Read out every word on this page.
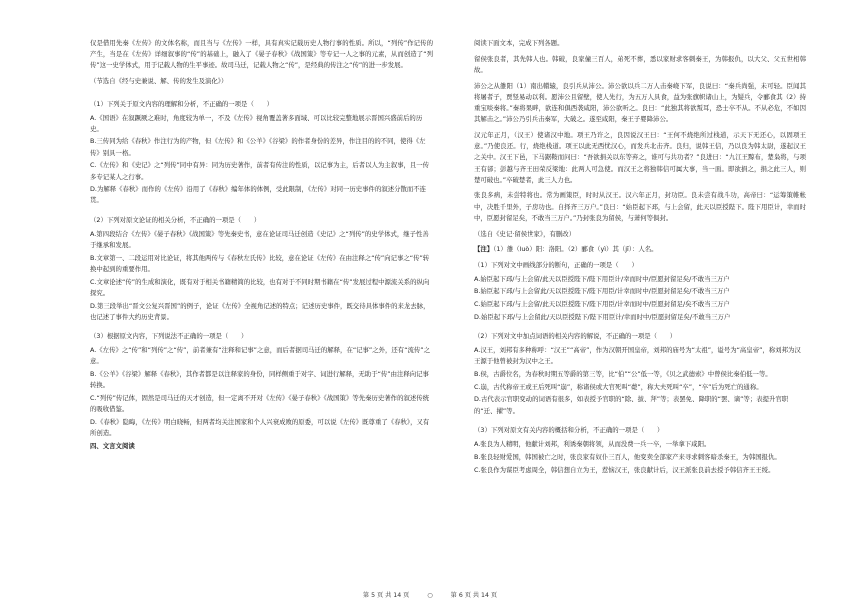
仅是借用先秦《左传》的文体名称，而且当与《左传》一样，具有真实记载历史人物行事的性质。所以，“列传”作记传的产生，当是在《左传》详细叙事的“传”的基础上，融入了《晏子春秋》《战国策》等专记一人之事的元素，从而创造了“列传”这一史学体式，用于记载人物的生平事迹。故司马迁，记载人物之“传”，是经典的传注之“传”的进一步发展。

（节选自《经与史兼说、解、传的发生及演化》）

（1）下列关于原文内容的理解和分析，不正确的一项是（　　）

A.《国语》在叙蹶厥之难时，角度较为单一，不及《左传》视角覆盖著多面域、可以比较完整地展示晋国兴盛前后的历史。

B.三传同为给《春秋》作注行为的产物，但《左传》和《公羊》《谷梁》的作者身份的差异，作注目的的不同，使得《左传》别具一格。

C.《左传》和《史记》之“列传”同中有异：同为历史著作，前者有传注的性质，以记事为主，后者以人为主叙事，且一传多专记某人之行事。

D.为解释《春秋》而作的《左传》沿用了《春秋》编年体的体例，受此限制，《左传》对同一历史事件的叙述分散而不连贯。

（2）下列对原文论证的相关分析，不正确的一项是（　　）

A.第四段结合《左传》《晏子春秋》《战国策》等先秦史书，意在论证司马迁创造《史记》之“列传”的史学体式，继子性善于继承和发展。

B.文章第一、二段运用对比论证，将其他两传与《春秋左氏传》比较，意在论证《左传》在由注释之“传”向记事之“传”转换中起到的重要作用。

C.文章论述“传”的生成和演化，既有对于相关书籍精简的比较，也有对于不同时期书籍在“传”发展过程中源流关系的纵向探究。

D.第三段举出“晋文公复兴晋国”的例子，论证《左传》全视角记述的特点；记述历史事件，既交待具体事件的来龙去脉，也记述了事件大约历史背景。

（3）根据原文内容，下列说法不正确的一项是（　　）

A.《左传》之“传”和“列传”之“传”，前者兼有“注释和记事”之意，而后者据司马迁的解释，在“记事”之外，还有“流传”之意。

B.《公羊》《谷梁》解释《春秋》，其作者都是以注释家的身份，同样侧重于对字、词进行解释，无助于“传”由注释向记事转换。

C.“列传”传记体，固然是司马迁的天才创造，但一定离不开对《左传》《晏子春秋》《战国策》等先秦历史著作的叙述传统的吸收借鉴。

D.《春秋》隐晦，《左传》明白晓畅，但两者均关注国家和个人兴衰成败的原委，可以说《左传》既尊重了《春秋》，又有所创造。

四、文言文阅读

阅读下面文本，完成下列各题。

留侯张良者，其先韩人也。韩破，良家僮三百人，弟死不葬，悉以家财求客刺秦王，为韩报仇，以大父、父五世相韩故。

沛公之从雒阳（1）南出轘辕，良引兵从沛公。沛公欲以兵二万人击秦峣下军，良说曰：“秦兵尚强，未可轻。臣闻其将屠者子，贾竖易动以利。愿沛公且留壁，使人先行，为五万人具食，益为张旗帜诸山上，为疑兵，令郦食其（2）持重宝啖秦将。”秦将果畔，欲连和俱西袭咸阳，沛公欲听之。良曰：“此独其将欲叛耳，恐士卒不从。不从必危，不如因其解击之。”沛公乃引兵击秦军，大破之。遂至咸阳，秦王子婴降沛公。

汉元年正月，（汉王）使诸汉中地。项王乃许之，良因说汉王曰：“王何不烧绝所过栈道，示天下无还心，以固项王意。”乃使良还。行，烧绝栈道。项王以此无西忧汉心，而发兵北击齐。良归，说韩王信，乃以良为韩太尉，遂起汉王之关中。汉王下邑，下马踞鞍而问曰：“吾欲捐关以东等弃之，谁可与共功者？”良进曰：“九江王黥布，楚枭将，与项王有郤；彭越与齐王田荣反梁地：此两人可急使。而汉王之将独韩信可属大事，当一面。即欲捐之，捐之此三人，则楚可破也。”卒破楚者，此三人力也。

张良多病，未尝特将也。常为画策臣，时时从汉王。汉六年正月，封功臣。良未尝有战斗功，高帝曰：“运筹策帷帐中，决胜千里外，子房功也。自择齐三万户。”良曰：“始臣起下邳，与上会留，此天以臣授陛下。陛下用臣计，幸而时中，臣愿封留足矣，不敢当三万户。”乃封张良为留侯，与萧何等俱封。

（选自《史记·留侯世家》，有删改）

【注】（1）雒（luò）阳：洛阳。（2）郦食（yì）其（jī）：人名。

（1）下列对文中画线部分的断句，正确的一项是（　　）

A.始臣起下邳/与上会留/此天以臣授陛下/陛下用臣计/幸而时中/臣愿封留足矣/不敢当三万户

B.始臣起下邳/与上会留此/天以臣授陛下/陛下用臣/计幸而时中/臣愿封留足矣/不敢当三万户

C.始臣起下邳/与上会留/此天以臣授陛下/陛下用臣/计幸而时中/臣愿封留足/矣不敢当三万户

D.始臣起下邳/与上会留此/天以臣授陛下/陛下用臣计/幸而时中/臣愿封留足矣/不敢当三万户

（2）下列对文中加点词语的相关内容的解说，不正确的一项是（　　）

A.汉王，刘邦有多种称呼：“汉王”“高帝”，作为汉朝开国皇帝，刘邦的庙号为“太祖”，谥号为“高皇帝”，称刘邦为汉王源于他曾被封为汉中之王。

B.侯，古爵位名，为春秋时期五等爵的第三等，比“伯”“公”低一等，《贝之武德索》中曾侯比秦伯低一等。

C.崩，古代称帝王或王后死叫“崩”，称诸侯或大官死叫“薨”，称大夫死叫“卒”，“卒”后为死亡的通称。

D.古代表示官职变动的词语有很多，如表授予官职的“除、拔、拜”等；表罢免、降职的“罢、谪”等；表提升官职的“迁、擢”等。

（3）下列对原文有关内容的概括和分析，不正确的一项是（　　）

A.张良为人精明，他献计刘邦，利诱秦朝将领，从而没费一兵一卒，一举拿下咸阳。

B.张良轻财爱国，韩国被亡之时，张良家有奴仆三百人，他变卖全部家产来寻求刺客暗杀秦王，为韩国报仇。

C.张良作为谋臣考虑周全，韩信想自立为王，惹恼汉王，张良献计后，汉王派张良前去授予韩信齐王王绶。

第 5 页 共 14 页	○	第 6 页 共 14 页
